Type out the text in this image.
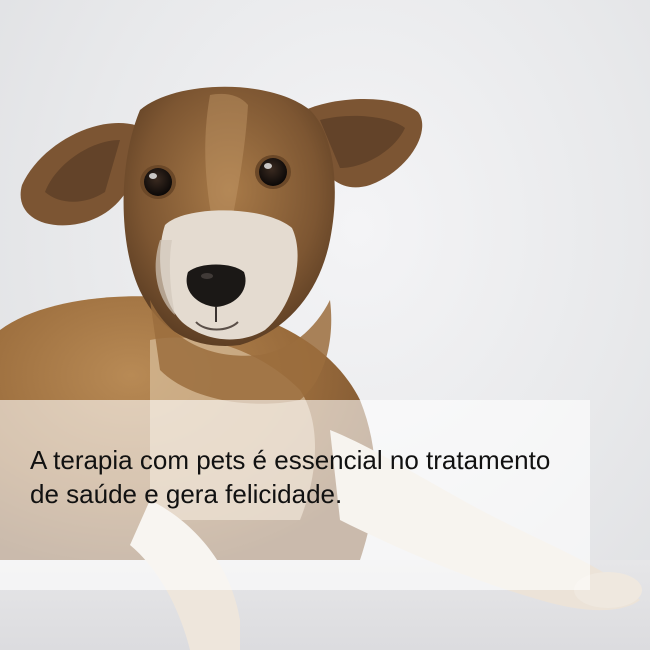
A terapia com pets é essencial no tratamento de saúde e gera felicidade.
